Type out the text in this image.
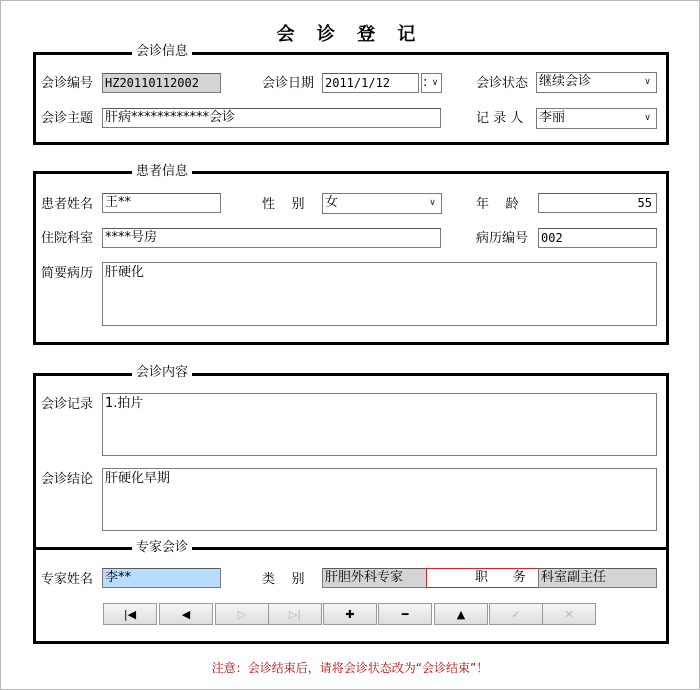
会 诊 登 记
会诊信息
会诊编号 HZ20110112002	会诊日期 2011/1/12	: ∨	会诊状态 继续会诊	∨
会诊主题 肝病************会诊	记 录 人 李丽	∨
患者信息
患者姓名 王**	性    别 女	∨	年    龄	55
住院科室 ****号房	病历编号 002
简要病历 肝硬化
会诊内容
会诊记录 1.拍片
会诊结论 肝硬化早期
专家会诊
专家姓名 李**	类    别 肝胆外科专家	职      务 科室副主任
|◀	◀	▷	▷|	✚	━	▲	✓	✕
注意：会诊结束后，请将会诊状态改为“会诊结束”！
